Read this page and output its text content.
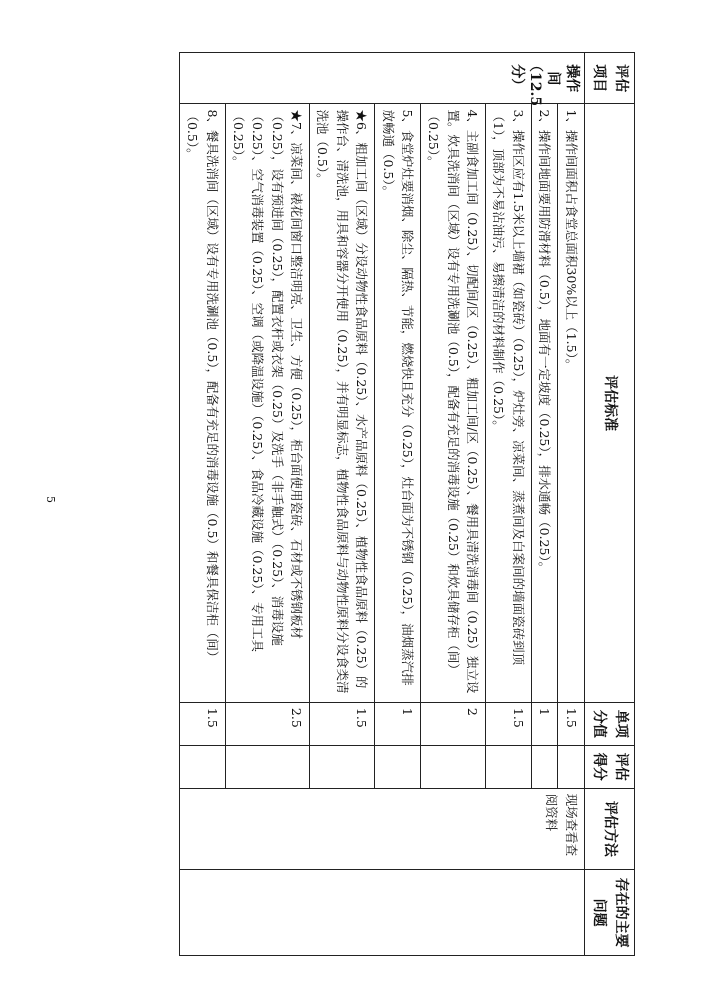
评估项目	评估标准	单项分值	评估得分	评估方法	存在的主要问题

操作间
（12.5分）	1、操作间面积占食堂总面积30%以上（1.5）。	1.5		现场查看查阅资料	
	2、操作间地面要用防滑材料（0.5），地面有一定坡度（0.25），排水通畅（0.25）。	1			
	3、操作区应有1.5米以上墙裙（如瓷砖）（0.25），炉灶旁、凉菜间、蒸煮间及白案间的墙面瓷砖到顶（1），顶部为不易沾油污、易擦清洁的材料制作（0.25）。	1.5			
	4、主副食加工间（0.25）、切配间/区（0.25）、粗加工间/区（0.25）、餐用具清洗消毒间（0.25）独立设置。炊具洗消间（区域）设有专用洗涮池（0.5），配备有充足的消毒设施（0.25）和炊具储存柜（间）（0.25）。	2			
	5、食堂炉灶要消烟、除尘、隔热、节能，燃烧快且充分（0.25），灶台面为不锈钢（0.25），油烟蒸汽排放畅通（0.5）。	1			
	★6、粗加工间（区域）分设动物性食品原料（0.25）、水产品原料（0.25）、植物性食品原料（0.25）的操作台、清洗池，用具和容器分开使用（0.25），并有明显标志，植物性食品原料与动物性原料分设食类清洗池（0.5）。	1.5			
	★7、凉菜间、裱花间窗口整洁明亮、卫生、方便（0.25），柜台面使用瓷砖、石材或不锈钢板材（0.25），设有预进间（0.25），配置衣杆或衣架（0.25）及洗手（非手触式）（0.25）、消毒设施（0.25）、空气消毒装置（0.25）、空调（或降温设施）（0.25）、食品冷藏设施（0.25）、专用工具（0.25）。	2.5			
	8、餐具洗消间（区域）设有专用洗涮池（0.5），配备有充足的消毒设施（0.5）和餐具保洁柜（间）（0.5）。	1.5			
5
